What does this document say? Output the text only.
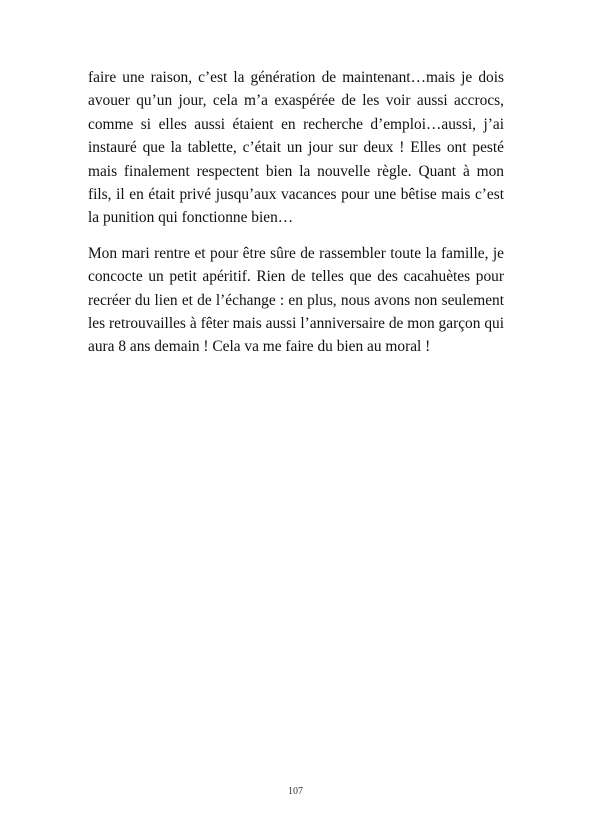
faire une raison, c’est la génération de maintenant…mais je dois avouer qu’un jour, cela m’a exaspérée de les voir aussi accrocs, comme si elles aussi étaient en recherche d’emploi…aussi, j’ai instauré que la tablette, c’était un jour sur deux ! Elles ont pesté mais finalement respectent bien la nouvelle règle. Quant à mon fils, il en était privé jusqu’aux vacances pour une bêtise mais c’est la punition qui fonctionne bien…

Mon mari rentre et pour être sûre de rassembler toute la famille, je concocte un petit apéritif. Rien de telles que des cacahuètes pour recréer du lien et de l’échange : en plus, nous avons non seulement les retrouvailles à fêter mais aussi l’anniversaire de mon garçon qui aura 8 ans demain ! Cela va me faire du bien au moral !

107
